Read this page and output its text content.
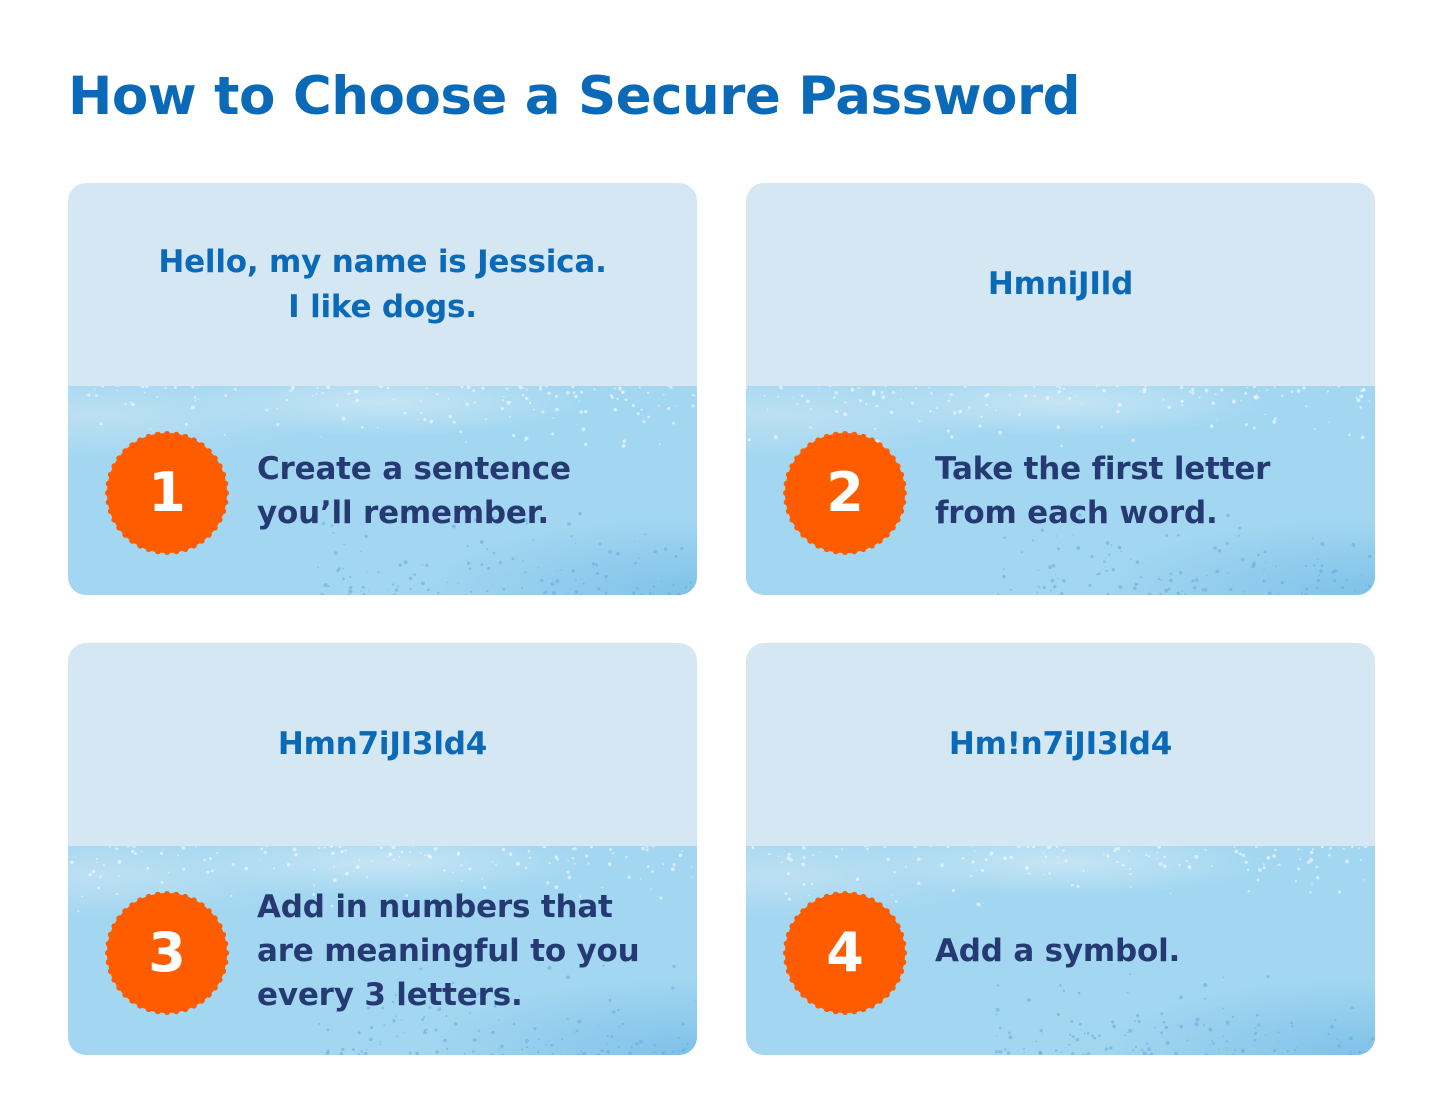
How to Choose a Secure Password
Hello, my name is Jessica.
I like dogs.
1	Create a sentence
you’ll remember.
HmniJIld
2	Take the first letter
from each word.
Hmn7iJI3ld4
3
Add in numbers that
are meaningful to you
every 3 letters.
Hm!n7iJI3ld4
4	Add a symbol.
